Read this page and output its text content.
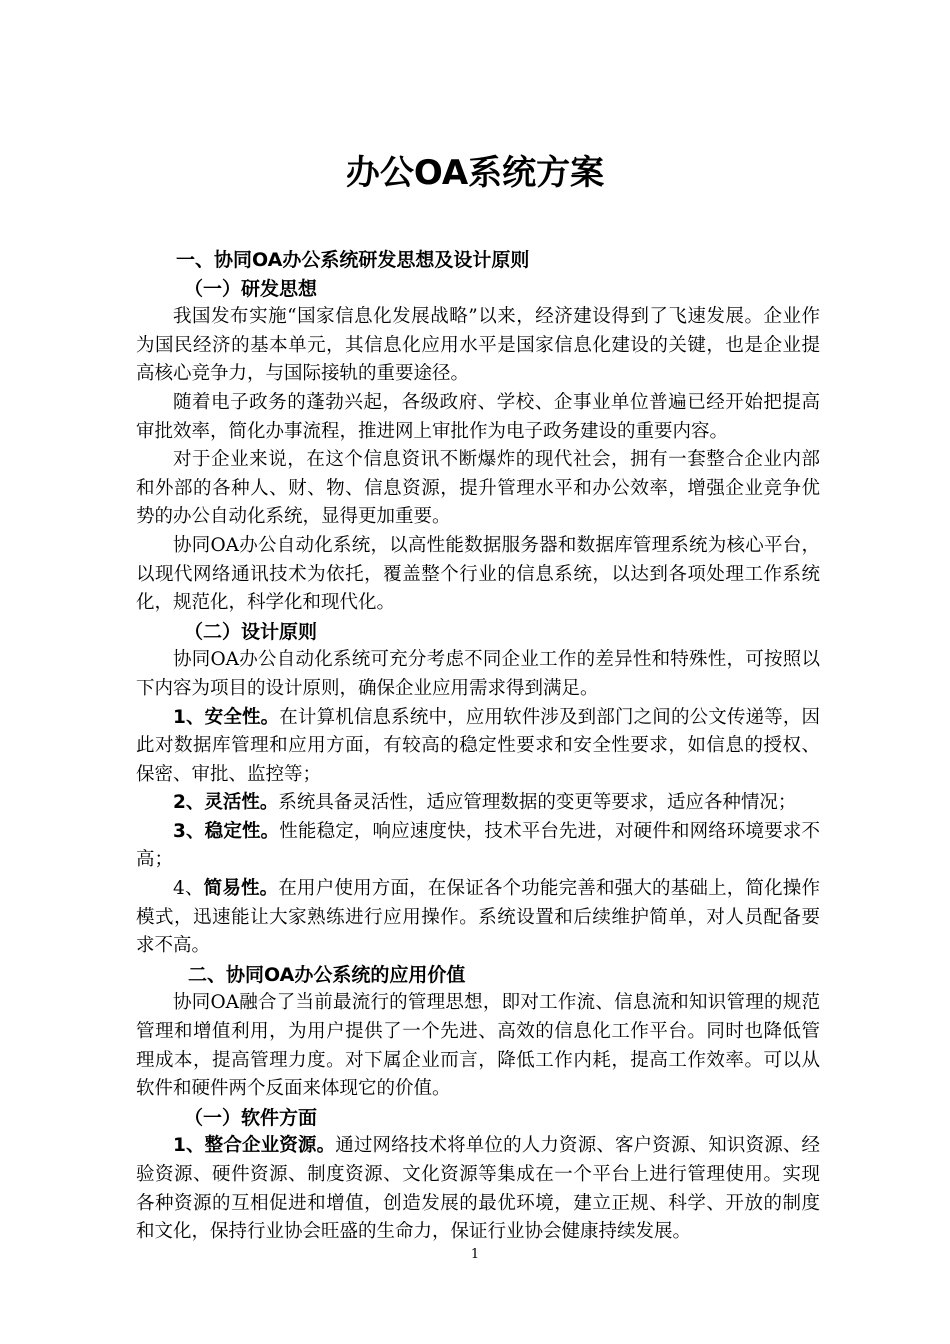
办公OA系统方案
一、协同OA办公系统研发思想及设计原则
（一）研发思想

我国发布实施“国家信息化发展战略”以来，经济建设得到了飞速发展。企业作为国民经济的基本单元，其信息化应用水平是国家信息化建设的关键，也是企业提高核心竞争力，与国际接轨的重要途径。

随着电子政务的蓬勃兴起，各级政府、学校、企事业单位普遍已经开始把提高审批效率，简化办事流程，推进网上审批作为电子政务建设的重要内容。

对于企业来说，在这个信息资讯不断爆炸的现代社会，拥有一套整合企业内部和外部的各种人、财、物、信息资源，提升管理水平和办公效率，增强企业竞争优势的办公自动化系统，显得更加重要。

协同OA办公自动化系统，以高性能数据服务器和数据库管理系统为核心平台，以现代网络通讯技术为依托，覆盖整个行业的信息系统，以达到各项处理工作系统化，规范化，科学化和现代化。

（二）设计原则

协同OA办公自动化系统可充分考虑不同企业工作的差异性和特殊性，可按照以下内容为项目的设计原则，确保企业应用需求得到满足。

1、安全性。在计算机信息系统中，应用软件涉及到部门之间的公文传递等，因此对数据库管理和应用方面，有较高的稳定性要求和安全性要求，如信息的授权、保密、审批、监控等；

2、灵活性。系统具备灵活性，适应管理数据的变更等要求，适应各种情况；

3、稳定性。性能稳定，响应速度快，技术平台先进，对硬件和网络环境要求不高；

4、简易性。在用户使用方面，在保证各个功能完善和强大的基础上，简化操作模式，迅速能让大家熟练进行应用操作。系统设置和后续维护简单，对人员配备要求不高。

二、协同OA办公系统的应用价值

协同OA融合了当前最流行的管理思想，即对工作流、信息流和知识管理的规范管理和增值利用，为用户提供了一个先进、高效的信息化工作平台。同时也降低管理成本，提高管理力度。对下属企业而言，降低工作内耗，提高工作效率。可以从软件和硬件两个反面来体现它的价值。

（一）软件方面

1、整合企业资源。通过网络技术将单位的人力资源、客户资源、知识资源、经验资源、硬件资源、制度资源、文化资源等集成在一个平台上进行管理使用。实现各种资源的互相促进和增值，创造发展的最优环境，建立正规、科学、开放的制度和文化，保持行业协会旺盛的生命力，保证行业协会健康持续发展。

1
